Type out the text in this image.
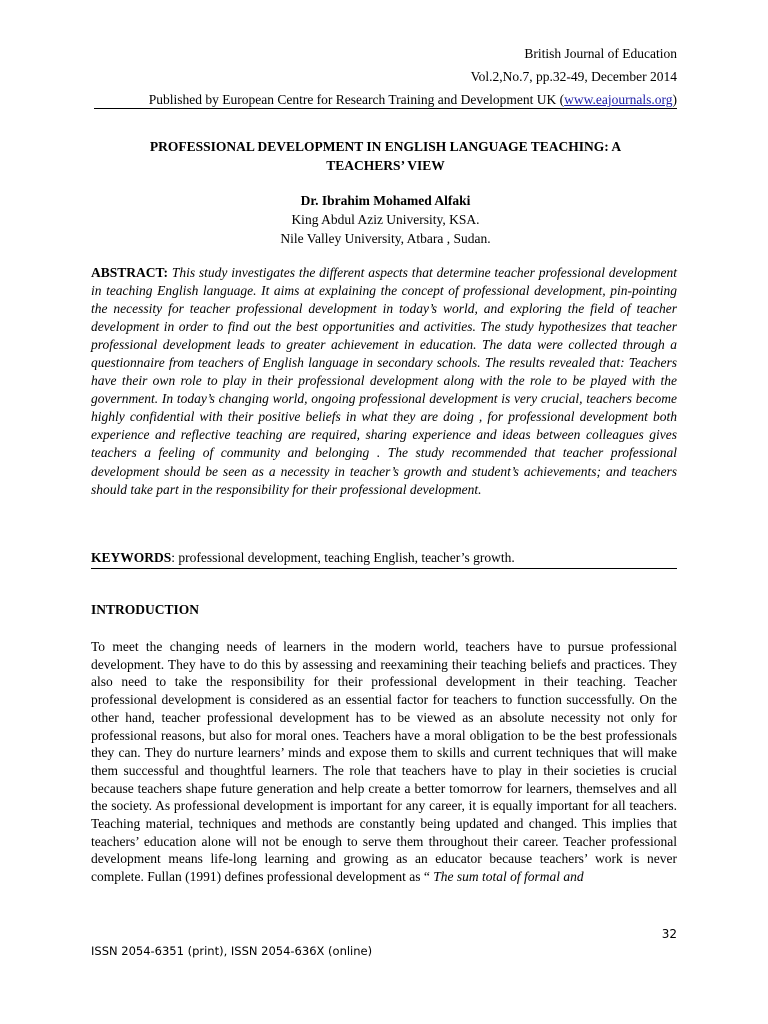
British Journal of Education
Vol.2,No.7, pp.32-49, December 2014
Published by European Centre for Research Training and Development UK (www.eajournals.org)
PROFESSIONAL DEVELOPMENT IN ENGLISH LANGUAGE TEACHING: A
TEACHERS’ VIEW
Dr. Ibrahim Mohamed Alfaki
King Abdul Aziz University, KSA.
Nile Valley University, Atbara , Sudan.
ABSTRACT: This study investigates the different aspects that determine teacher professional development in teaching English language. It aims at explaining the concept of professional development, pin-pointing the necessity for teacher professional development in today’s world, and exploring the field of teacher development in order to find out the best opportunities and activities. The study hypothesizes that teacher professional development leads to greater achievement in education. The data were collected through a questionnaire from teachers of English language in secondary schools. The results revealed that: Teachers have their own role to play in their professional development along with the role to be played with the government. In today’s changing world, ongoing professional development is very crucial, teachers become highly confidential with their positive beliefs in what they are doing , for professional development both experience and reflective teaching are required, sharing experience and ideas between colleagues gives teachers a feeling of community and belonging . The study recommended that teacher professional development should be seen as a necessity in teacher’s growth and student’s achievements; and teachers should take part in the responsibility for their professional development.
KEYWORDS: professional development, teaching English, teacher’s growth.
INTRODUCTION
To meet the changing needs of learners in the modern world, teachers have to pursue professional development. They have to do this by assessing and reexamining their teaching beliefs and practices. They also need to take the responsibility for their professional development in their teaching. Teacher professional development is considered as an essential factor for teachers to function successfully. On the other hand, teacher professional development has to be viewed as an absolute necessity not only for professional reasons, but also for moral ones. Teachers have a moral obligation to be the best professionals they can. They do nurture learners’ minds and expose them to skills and current techniques that will make them successful and thoughtful learners. The role that teachers have to play in their societies is crucial because teachers shape future generation and help create a better tomorrow for learners, themselves and all the society. As professional development is important for any career, it is equally important for all teachers. Teaching material, techniques and methods are constantly being updated and changed. This implies that teachers’ education alone will not be enough to serve them throughout their career. Teacher professional development means life-long learning and growing as an educator because teachers’ work is never complete. Fullan (1991) defines professional development as “ The sum total of formal and
32
ISSN 2054-6351 (print), ISSN 2054-636X (online)
